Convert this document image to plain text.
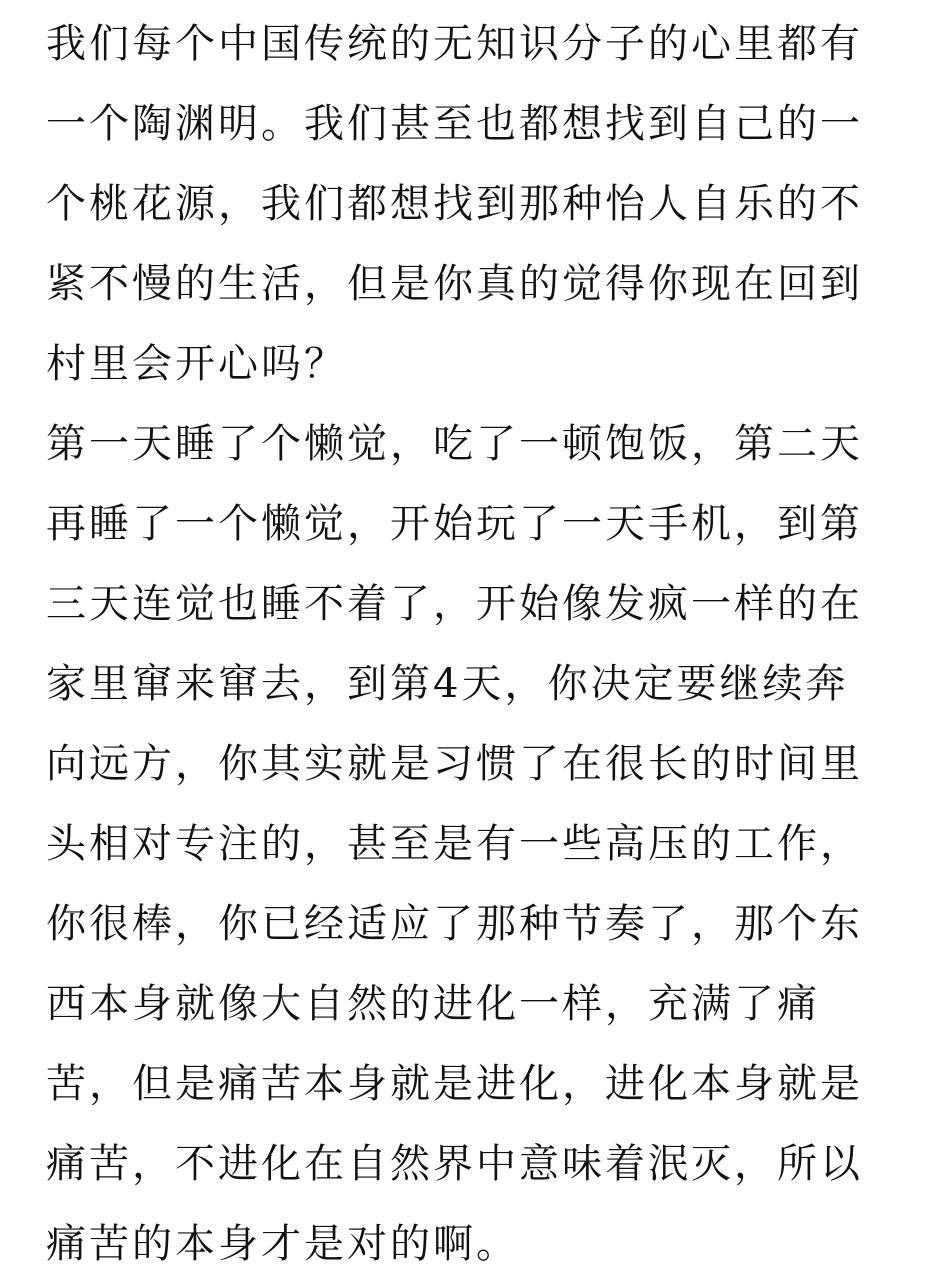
我们每个中国传统的无知识分子的心里都有
一个陶渊明。我们甚至也都想找到自己的一
个桃花源，我们都想找到那种怡人自乐的不
紧不慢的生活，但是你真的觉得你现在回到
村里会开心吗？
第一天睡了个懒觉，吃了一顿饱饭，第二天
再睡了一个懒觉，开始玩了一天手机，到第
三天连觉也睡不着了，开始像发疯一样的在
家里窜来窜去，到第4天，你决定要继续奔
向远方，你其实就是习惯了在很长的时间里
头相对专注的，甚至是有一些高压的工作，
你很棒，你已经适应了那种节奏了，那个东
西本身就像大自然的进化一样，充满了痛
苦，但是痛苦本身就是进化，进化本身就是
痛苦，不进化在自然界中意味着泯灭，所以
痛苦的本身才是对的啊。
